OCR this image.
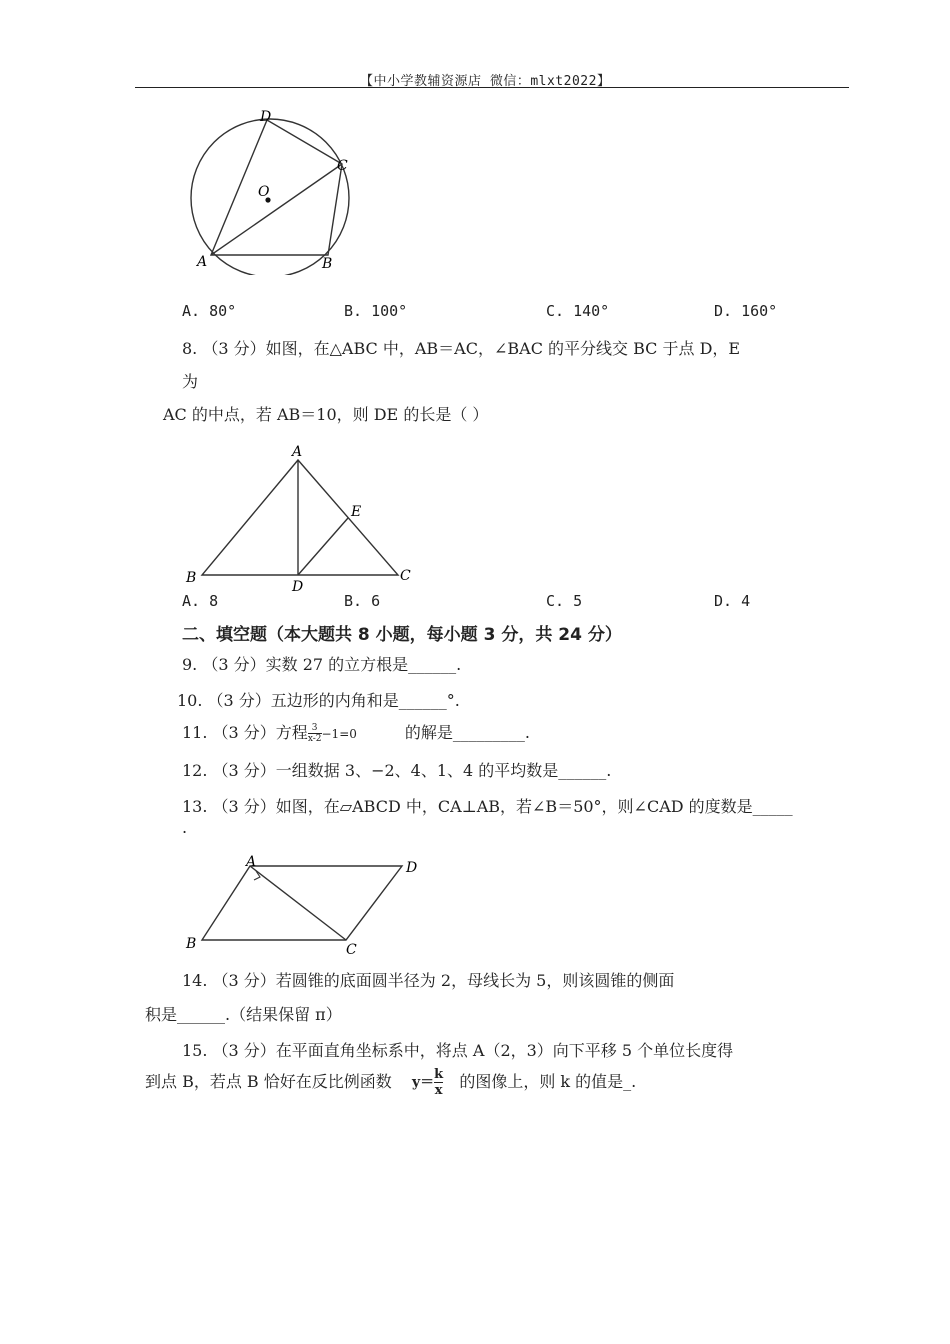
【中小学教辅资源店 微信：mlxt2022】
D
C
O
A	B
A. 80°	B. 100°	C. 140°	D. 160°
8. （3 分）如图，在△ABC 中，AB＝AC，∠BAC 的平分线交 BC 于点 D，E
为
AC 的中点，若 AB＝10，则 DE 的长是（ ）
A
E
B
D
C
A. 8	B. 6	C. 5	D. 4
二、填空题（本大题共 8 小题，每小题 3 分，共 24 分）
9. （3 分）实数 27 的立方根是______.
10. （3 分）五边形的内角和是______°.
11. （3 分）方程 $\frac{3}{x-2} -1=0$	的解是_________.
12. （3 分）一组数据 3、−2、4、1、4 的平均数是______.
13. （3 分）如图，在▱ABCD 中，CA⊥AB，若∠B＝50°，则∠CAD 的度数是_____
.
A	D
B	C
14. （3 分）若圆锥的底面圆半径为 2，母线长为 5，则该圆锥的侧面
积是______.（结果保留 π）
15. （3 分）在平面直角坐标系中，将点 A（2，3）向下平移 5 个单位长度得
到点 B，若点 B 恰好在反比例函数 $y= \frac{k}{x}$ 的图像上，则 k 的值是_.
